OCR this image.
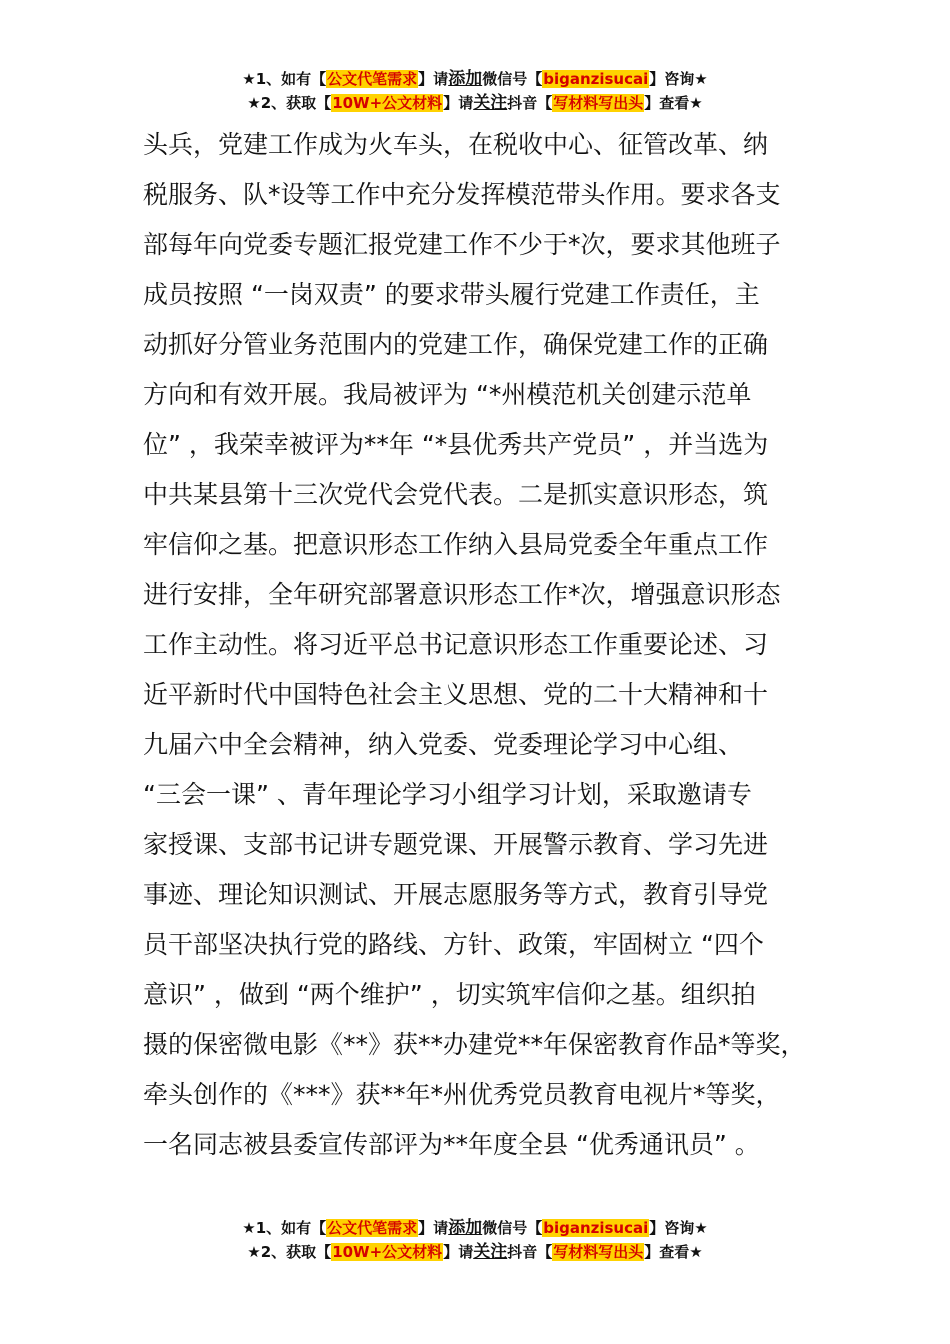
★1、如有【公文代笔需求】请添加微信号【biganzisucai】咨询★
★2、获取【10W+公文材料】请关注抖音【写材料写出头】查看★
头兵，党建工作成为火车头，在税收中心、征管改革、纳
税服务、队*设等工作中充分发挥模范带头作用。要求各支
部每年向党委专题汇报党建工作不少于*次，要求其他班子
成员按照 “一岗双责” 的要求带头履行党建工作责任，主
动抓好分管业务范围内的党建工作，确保党建工作的正确
方向和有效开展。我局被评为 “*州模范机关创建示范单
位” ，我荣幸被评为**年 “*县优秀共产党员” ，并当选为
中共某县第十三次党代会党代表。二是抓实意识形态，筑
牢信仰之基。把意识形态工作纳入县局党委全年重点工作
进行安排，全年研究部署意识形态工作*次，增强意识形态
工作主动性。将习近平总书记意识形态工作重要论述、习
近平新时代中国特色社会主义思想、党的二十大精神和十
九届六中全会精神，纳入党委、党委理论学习中心组、
“三会一课” 、青年理论学习小组学习计划，采取邀请专
家授课、支部书记讲专题党课、开展警示教育、学习先进
事迹、理论知识测试、开展志愿服务等方式，教育引导党
员干部坚决执行党的路线、方针、政策，牢固树立 “四个
意识” ，做到 “两个维护” ，切实筑牢信仰之基。组织拍
摄的保密微电影《**》获**办建党**年保密教育作品*等奖，
牵头创作的《***》获**年*州优秀党员教育电视片*等奖，
一名同志被县委宣传部评为**年度全县 “优秀通讯员” 。
★1、如有【公文代笔需求】请添加微信号【biganzisucai】咨询★
★2、获取【10W+公文材料】请关注抖音【写材料写出头】查看★
